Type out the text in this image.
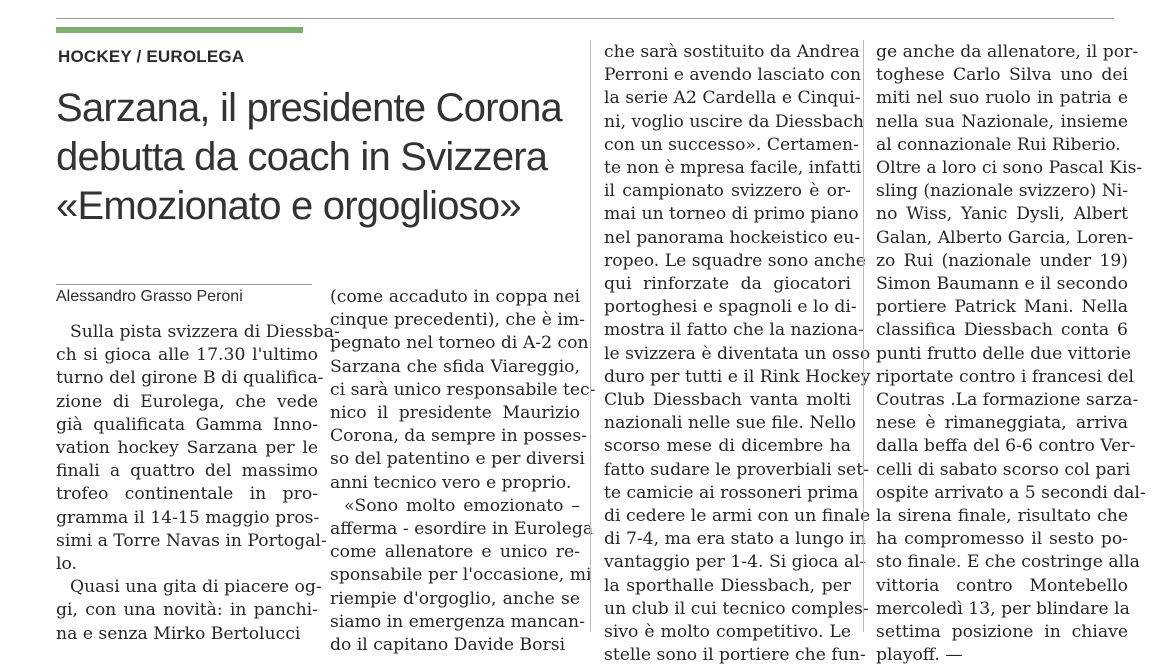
HOCKEY / EUROLEGA
Sarzana, il presidente Corona
debutta da coach in Svizzera
«Emozionato e orgoglioso»
Alessandro Grasso Peroni
Sulla pista svizzera di Diessba-
ch si gioca alle 17.30 l'ultimo
turno del girone B di qualifica-
zione di Eurolega, che vede
già qualificata Gamma Inno-
vation hockey Sarzana per le
finali a quattro del massimo
trofeo continentale in pro-
gramma il 14-15 maggio pros-
simi a Torre Navas in Portogal-
lo.
Quasi una gita di piacere og-
gi, con una novità: in panchi-
na e senza Mirko Bertolucci
(come accaduto in coppa nei
cinque precedenti), che è im-
pegnato nel torneo di A-2 con
Sarzana che sfida Viareggio,
ci sarà unico responsabile tec-
nico il presidente Maurizio
Corona, da sempre in posses-
so del patentino e per diversi
anni tecnico vero e proprio.
«Sono molto emozionato –
afferma - esordire in Eurolega
come allenatore e unico re-
sponsabile per l'occasione, mi
riempie d'orgoglio, anche se
siamo in emergenza mancan-
do il capitano Davide Borsi
che sarà sostituito da Andrea
Perroni e avendo lasciato con
la serie A2 Cardella e Cinqui-
ni, voglio uscire da Diessbach
con un successo». Certamen-
te non è mpresa facile, infatti
il campionato svizzero è or-
mai un torneo di primo piano
nel panorama hockeistico eu-
ropeo. Le squadre sono anche
qui rinforzate da giocatori
portoghesi e spagnoli e lo di-
mostra il fatto che la naziona-
le svizzera è diventata un osso
duro per tutti e il Rink Hockey
Club Diessbach vanta molti
nazionali nelle sue file. Nello
scorso mese di dicembre ha
fatto sudare le proverbiali set-
te camicie ai rossoneri prima
di cedere le armi con un finale
di 7-4, ma era stato a lungo in
vantaggio per 1-4. Si gioca al-
la sporthalle Diessbach, per
un club il cui tecnico comples-
sivo è molto competitivo. Le
stelle sono il portiere che fun-
ge anche da allenatore, il por-
toghese Carlo Silva uno dei
miti nel suo ruolo in patria e
nella sua Nazionale, insieme
al connazionale Rui Riberio.
Oltre a loro ci sono Pascal Kis-
sling (nazionale svizzero) Ni-
no Wiss, Yanic Dysli, Albert
Galan, Alberto Garcia, Loren-
zo Rui (nazionale under 19)
Simon Baumann e il secondo
portiere Patrick Mani. Nella
classifica Diessbach conta 6
punti frutto delle due vittorie
riportate contro i francesi del
Coutras .La formazione sarza-
nese è rimaneggiata, arriva
dalla beffa del 6-6 contro Ver-
celli di sabato scorso col pari
ospite arrivato a 5 secondi dal-
la sirena finale, risultato che
ha compromesso il sesto po-
sto finale. E che costringe alla
vittoria contro Montebello
mercoledì 13, per blindare la
settima posizione in chiave
playoff. —
